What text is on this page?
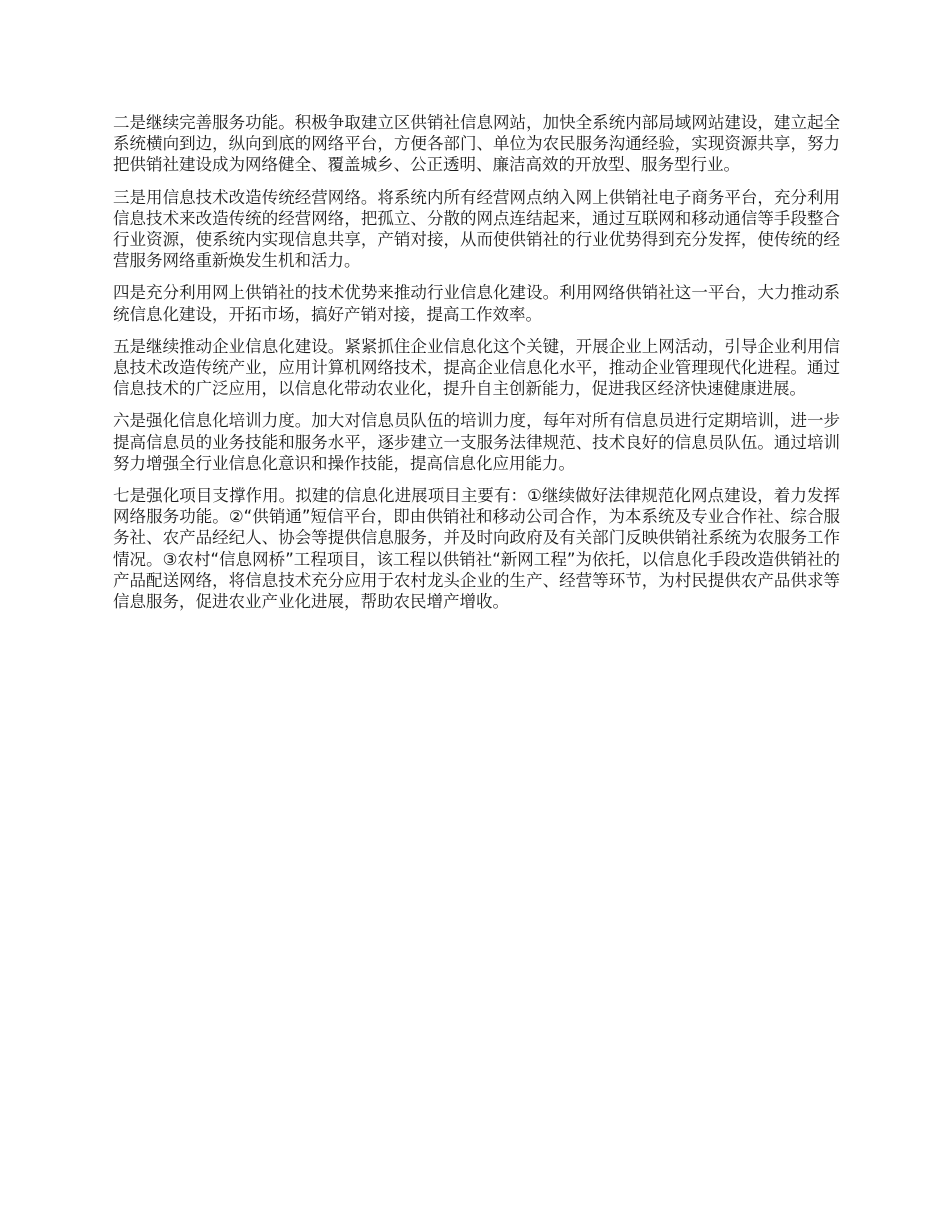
二是继续完善服务功能。积极争取建立区供销社信息网站，加快全系统内部局域网站建设，建立起全系统横向到边，纵向到底的网络平台，方便各部门、单位为农民服务沟通经验，实现资源共享，努力把供销社建设成为网络健全、覆盖城乡、公正透明、廉洁高效的开放型、服务型行业。

三是用信息技术改造传统经营网络。将系统内所有经营网点纳入网上供销社电子商务平台，充分利用信息技术来改造传统的经营网络，把孤立、分散的网点连结起来，通过互联网和移动通信等手段整合行业资源，使系统内实现信息共享，产销对接，从而使供销社的行业优势得到充分发挥，使传统的经营服务网络重新焕发生机和活力。

四是充分利用网上供销社的技术优势来推动行业信息化建设。利用网络供销社这一平台，大力推动系统信息化建设，开拓市场，搞好产销对接，提高工作效率。

五是继续推动企业信息化建设。紧紧抓住企业信息化这个关键，开展企业上网活动，引导企业利用信息技术改造传统产业，应用计算机网络技术，提高企业信息化水平，推动企业管理现代化进程。通过信息技术的广泛应用，以信息化带动农业化，提升自主创新能力，促进我区经济快速健康进展。

六是强化信息化培训力度。加大对信息员队伍的培训力度，每年对所有信息员进行定期培训，进一步提高信息员的业务技能和服务水平，逐步建立一支服务法律规范、技术良好的信息员队伍。通过培训努力增强全行业信息化意识和操作技能，提高信息化应用能力。

七是强化项目支撑作用。拟建的信息化进展项目主要有：①继续做好法律规范化网点建设，着力发挥网络服务功能。②“供销通”短信平台，即由供销社和移动公司合作，为本系统及专业合作社、综合服务社、农产品经纪人、协会等提供信息服务，并及时向政府及有关部门反映供销社系统为农服务工作情况。③农村“信息网桥”工程项目，该工程以供销社“新网工程”为依托，以信息化手段改造供销社的产品配送网络，将信息技术充分应用于农村龙头企业的生产、经营等环节，为村民提供农产品供求等信息服务，促进农业产业化进展，帮助农民增产增收。
